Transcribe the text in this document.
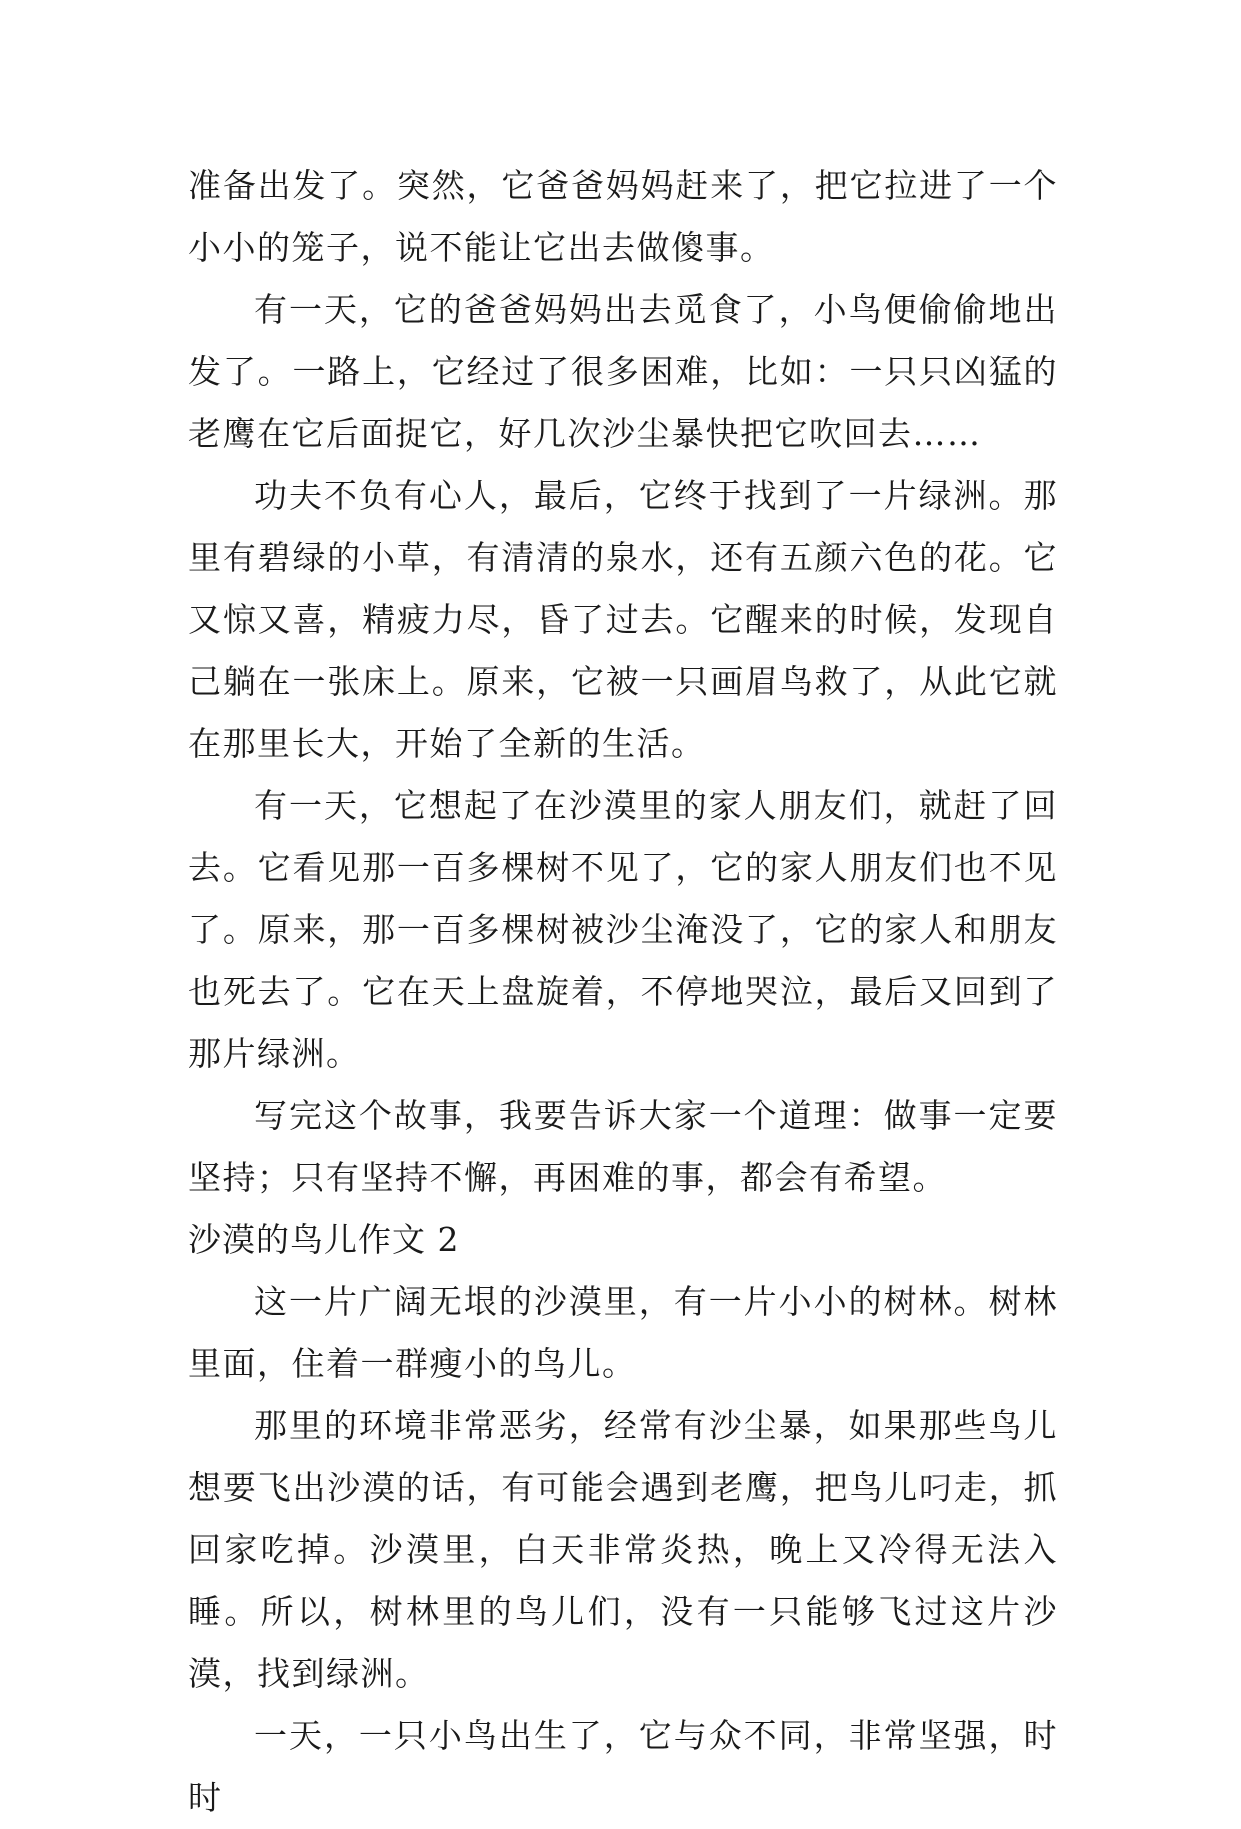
准备出发了。突然，它爸爸妈妈赶来了，把它拉进了一个小小的笼子，说不能让它出去做傻事。

有一天，它的爸爸妈妈出去觅食了，小鸟便偷偷地出发了。一路上，它经过了很多困难，比如：一只只凶猛的老鹰在它后面捉它，好几次沙尘暴快把它吹回去……

功夫不负有心人，最后，它终于找到了一片绿洲。那里有碧绿的小草，有清清的泉水，还有五颜六色的花。它又惊又喜，精疲力尽，昏了过去。它醒来的时候，发现自己躺在一张床上。原来，它被一只画眉鸟救了，从此它就在那里长大，开始了全新的生活。

有一天，它想起了在沙漠里的家人朋友们，就赶了回去。它看见那一百多棵树不见了，它的家人朋友们也不见了。原来，那一百多棵树被沙尘淹没了，它的家人和朋友也死去了。它在天上盘旋着，不停地哭泣，最后又回到了那片绿洲。

写完这个故事，我要告诉大家一个道理：做事一定要坚持；只有坚持不懈，再困难的事，都会有希望。

沙漠的鸟儿作文 2

这一片广阔无垠的沙漠里，有一片小小的树林。树林里面，住着一群瘦小的鸟儿。

那里的环境非常恶劣，经常有沙尘暴，如果那些鸟儿想要飞出沙漠的话，有可能会遇到老鹰，把鸟儿叼走，抓回家吃掉。沙漠里，白天非常炎热，晚上又冷得无法入睡。所以，树林里的鸟儿们，没有一只能够飞过这片沙漠，找到绿洲。

一天，一只小鸟出生了，它与众不同，非常坚强，时时
